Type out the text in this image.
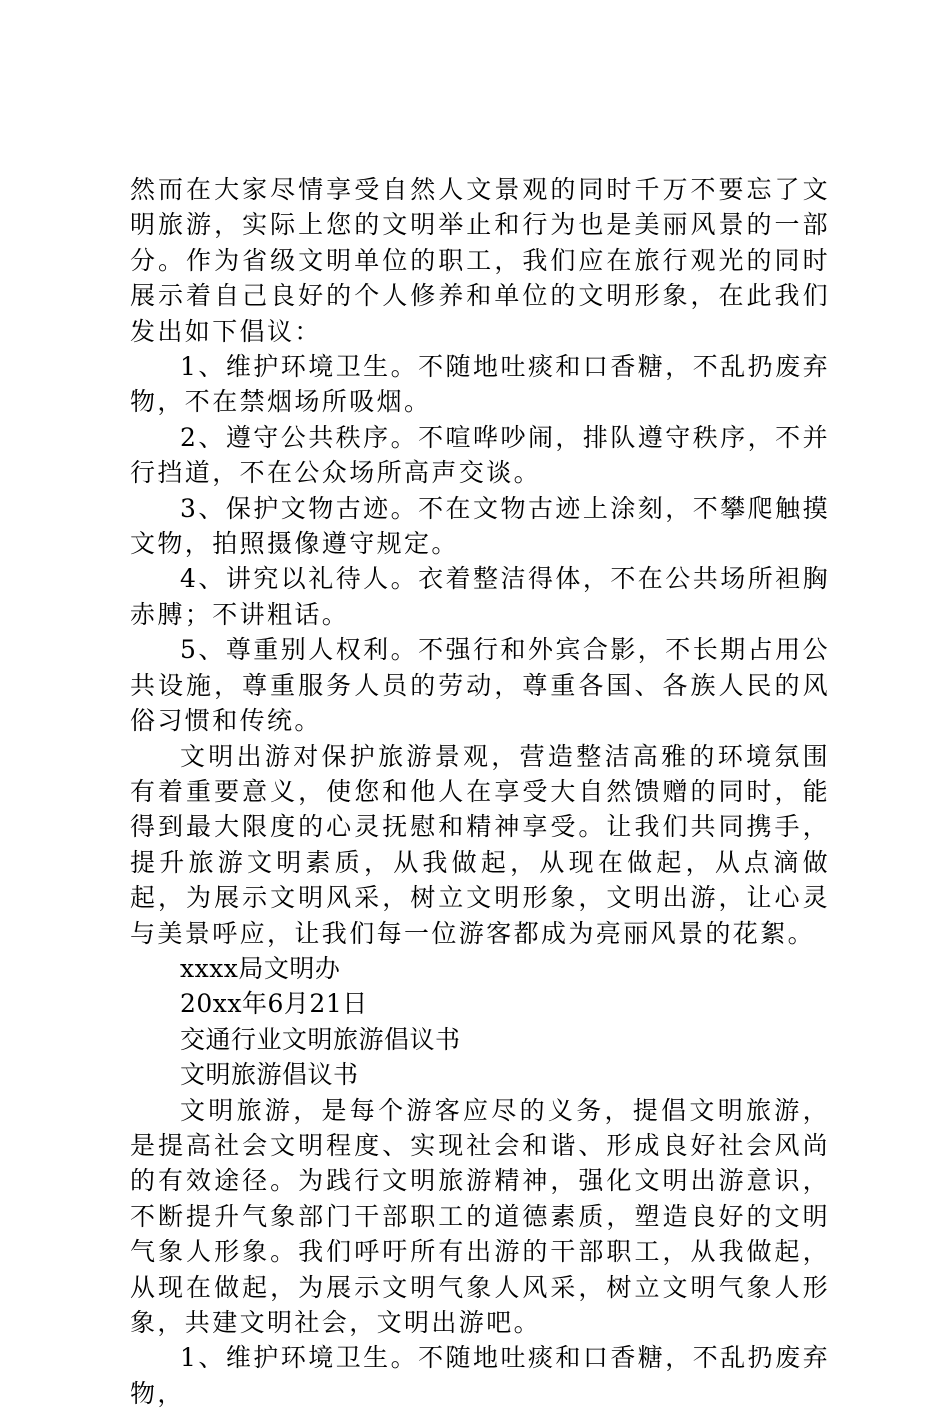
然而在大家尽情享受自然人文景观的同时千万不要忘了文明旅游，实际上您的文明举止和行为也是美丽风景的一部分。作为省级文明单位的职工，我们应在旅行观光的同时展示着自己良好的个人修养和单位的文明形象，在此我们发出如下倡议：

1、维护环境卫生。不随地吐痰和口香糖，不乱扔废弃物，不在禁烟场所吸烟。

2、遵守公共秩序。不喧哗吵闹，排队遵守秩序，不并行挡道，不在公众场所高声交谈。

3、保护文物古迹。不在文物古迹上涂刻，不攀爬触摸文物，拍照摄像遵守规定。

4、讲究以礼待人。衣着整洁得体，不在公共场所袒胸赤膊；不讲粗话。

5、尊重别人权利。不强行和外宾合影，不长期占用公共设施，尊重服务人员的劳动，尊重各国、各族人民的风俗习惯和传统。

文明出游对保护旅游景观，营造整洁高雅的环境氛围有着重要意义，使您和他人在享受大自然馈赠的同时，能得到最大限度的心灵抚慰和精神享受。让我们共同携手，提升旅游文明素质，从我做起，从现在做起，从点滴做起，为展示文明风采，树立文明形象，文明出游，让心灵与美景呼应，让我们每一位游客都成为亮丽风景的花絮。

xxxx局文明办

20xx年6月21日

交通行业文明旅游倡议书

文明旅游倡议书

文明旅游，是每个游客应尽的义务，提倡文明旅游，是提高社会文明程度、实现社会和谐、形成良好社会风尚的有效途径。为践行文明旅游精神，强化文明出游意识，不断提升气象部门干部职工的道德素质，塑造良好的文明气象人形象。我们呼吁所有出游的干部职工，从我做起，从现在做起，为展示文明气象人风采，树立文明气象人形象，共建文明社会，文明出游吧。

1、维护环境卫生。不随地吐痰和口香糖，不乱扔废弃物，
